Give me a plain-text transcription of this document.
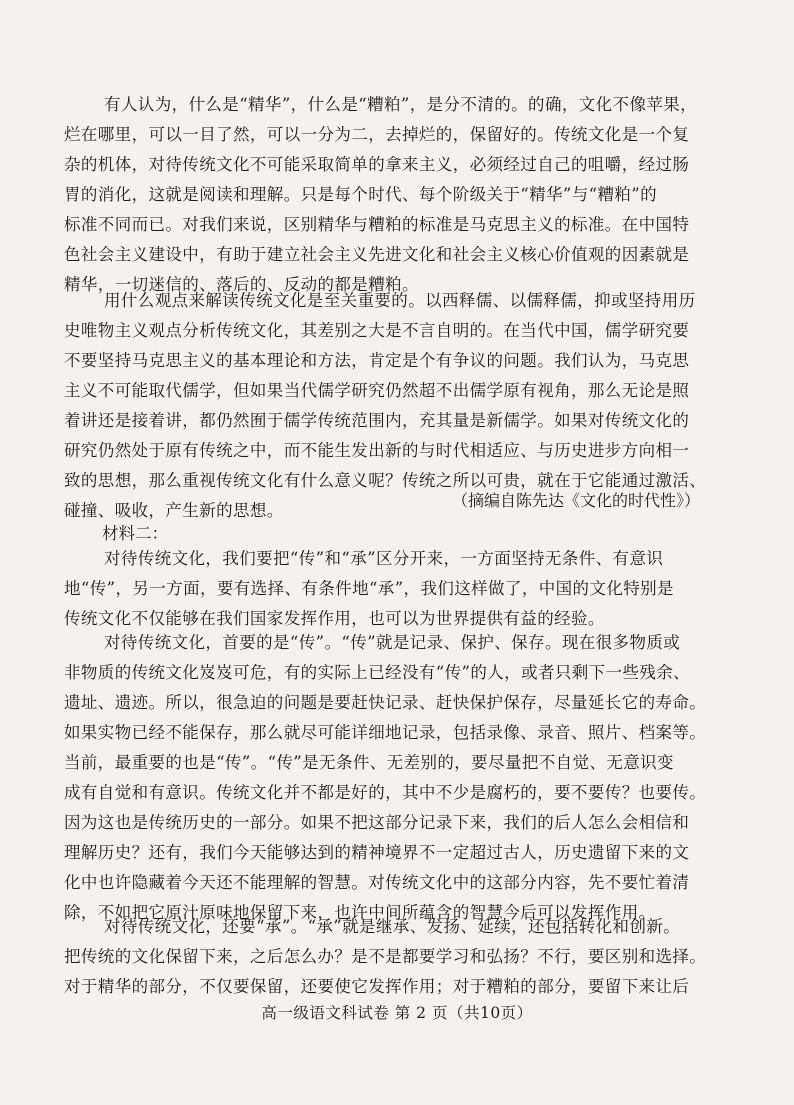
有人认为，什么是“精华”，什么是“糟粕”，是分不清的。的确，文化不像苹果，
烂在哪里，可以一目了然，可以一分为二，去掉烂的，保留好的。传统文化是一个复
杂的机体，对待传统文化不可能采取简单的拿来主义，必须经过自己的咀嚼，经过肠
胃的消化，这就是阅读和理解。只是每个时代、每个阶级关于“精华”与“糟粕”的
标准不同而已。对我们来说，区别精华与糟粕的标准是马克思主义的标准。在中国特
色社会主义建设中，有助于建立社会主义先进文化和社会主义核心价值观的因素就是
精华，一切迷信的、落后的、反动的都是糟粕。
用什么观点来解读传统文化是至关重要的。以西释儒、以儒释儒，抑或坚持用历
史唯物主义观点分析传统文化，其差别之大是不言自明的。在当代中国，儒学研究要
不要坚持马克思主义的基本理论和方法，肯定是个有争议的问题。我们认为，马克思
主义不可能取代儒学，但如果当代儒学研究仍然超不出儒学原有视角，那么无论是照
着讲还是接着讲，都仍然囿于儒学传统范围内，充其量是新儒学。如果对传统文化的
研究仍然处于原有传统之中，而不能生发出新的与时代相适应、与历史进步方向相一
致的思想，那么重视传统文化有什么意义呢？传统之所以可贵，就在于它能通过激活、
碰撞、吸收，产生新的思想。
（摘编自陈先达《文化的时代性》）
材料二：
对待传统文化，我们要把“传”和“承”区分开来，一方面坚持无条件、有意识
地“传”，另一方面，要有选择、有条件地“承”，我们这样做了，中国的文化特别是
传统文化不仅能够在我们国家发挥作用，也可以为世界提供有益的经验。
对待传统文化，首要的是“传”。“传”就是记录、保护、保存。现在很多物质或
非物质的传统文化岌岌可危，有的实际上已经没有“传”的人，或者只剩下一些残余、
遗址、遗迹。所以，很急迫的问题是要赶快记录、赶快保护保存，尽量延长它的寿命。
如果实物已经不能保存，那么就尽可能详细地记录，包括录像、录音、照片、档案等。
当前，最重要的也是“传”。“传”是无条件、无差别的，要尽量把不自觉、无意识变
成有自觉和有意识。传统文化并不都是好的，其中不少是腐朽的，要不要传？也要传。
因为这也是传统历史的一部分。如果不把这部分记录下来，我们的后人怎么会相信和
理解历史？还有，我们今天能够达到的精神境界不一定超过古人，历史遗留下来的文
化中也许隐藏着今天还不能理解的智慧。对传统文化中的这部分内容，先不要忙着清
除，不如把它原汁原味地保留下来，也许中间所蕴含的智慧今后可以发挥作用。
对待传统文化，还要“承”。“承”就是继承、发扬、延续，还包括转化和创新。
把传统的文化保留下来，之后怎么办？是不是都要学习和弘扬？不行，要区别和选择。
对于精华的部分，不仅要保留，还要使它发挥作用；对于糟粕的部分，要留下来让后
高一级语文科试卷 第 2 页（共10页）
